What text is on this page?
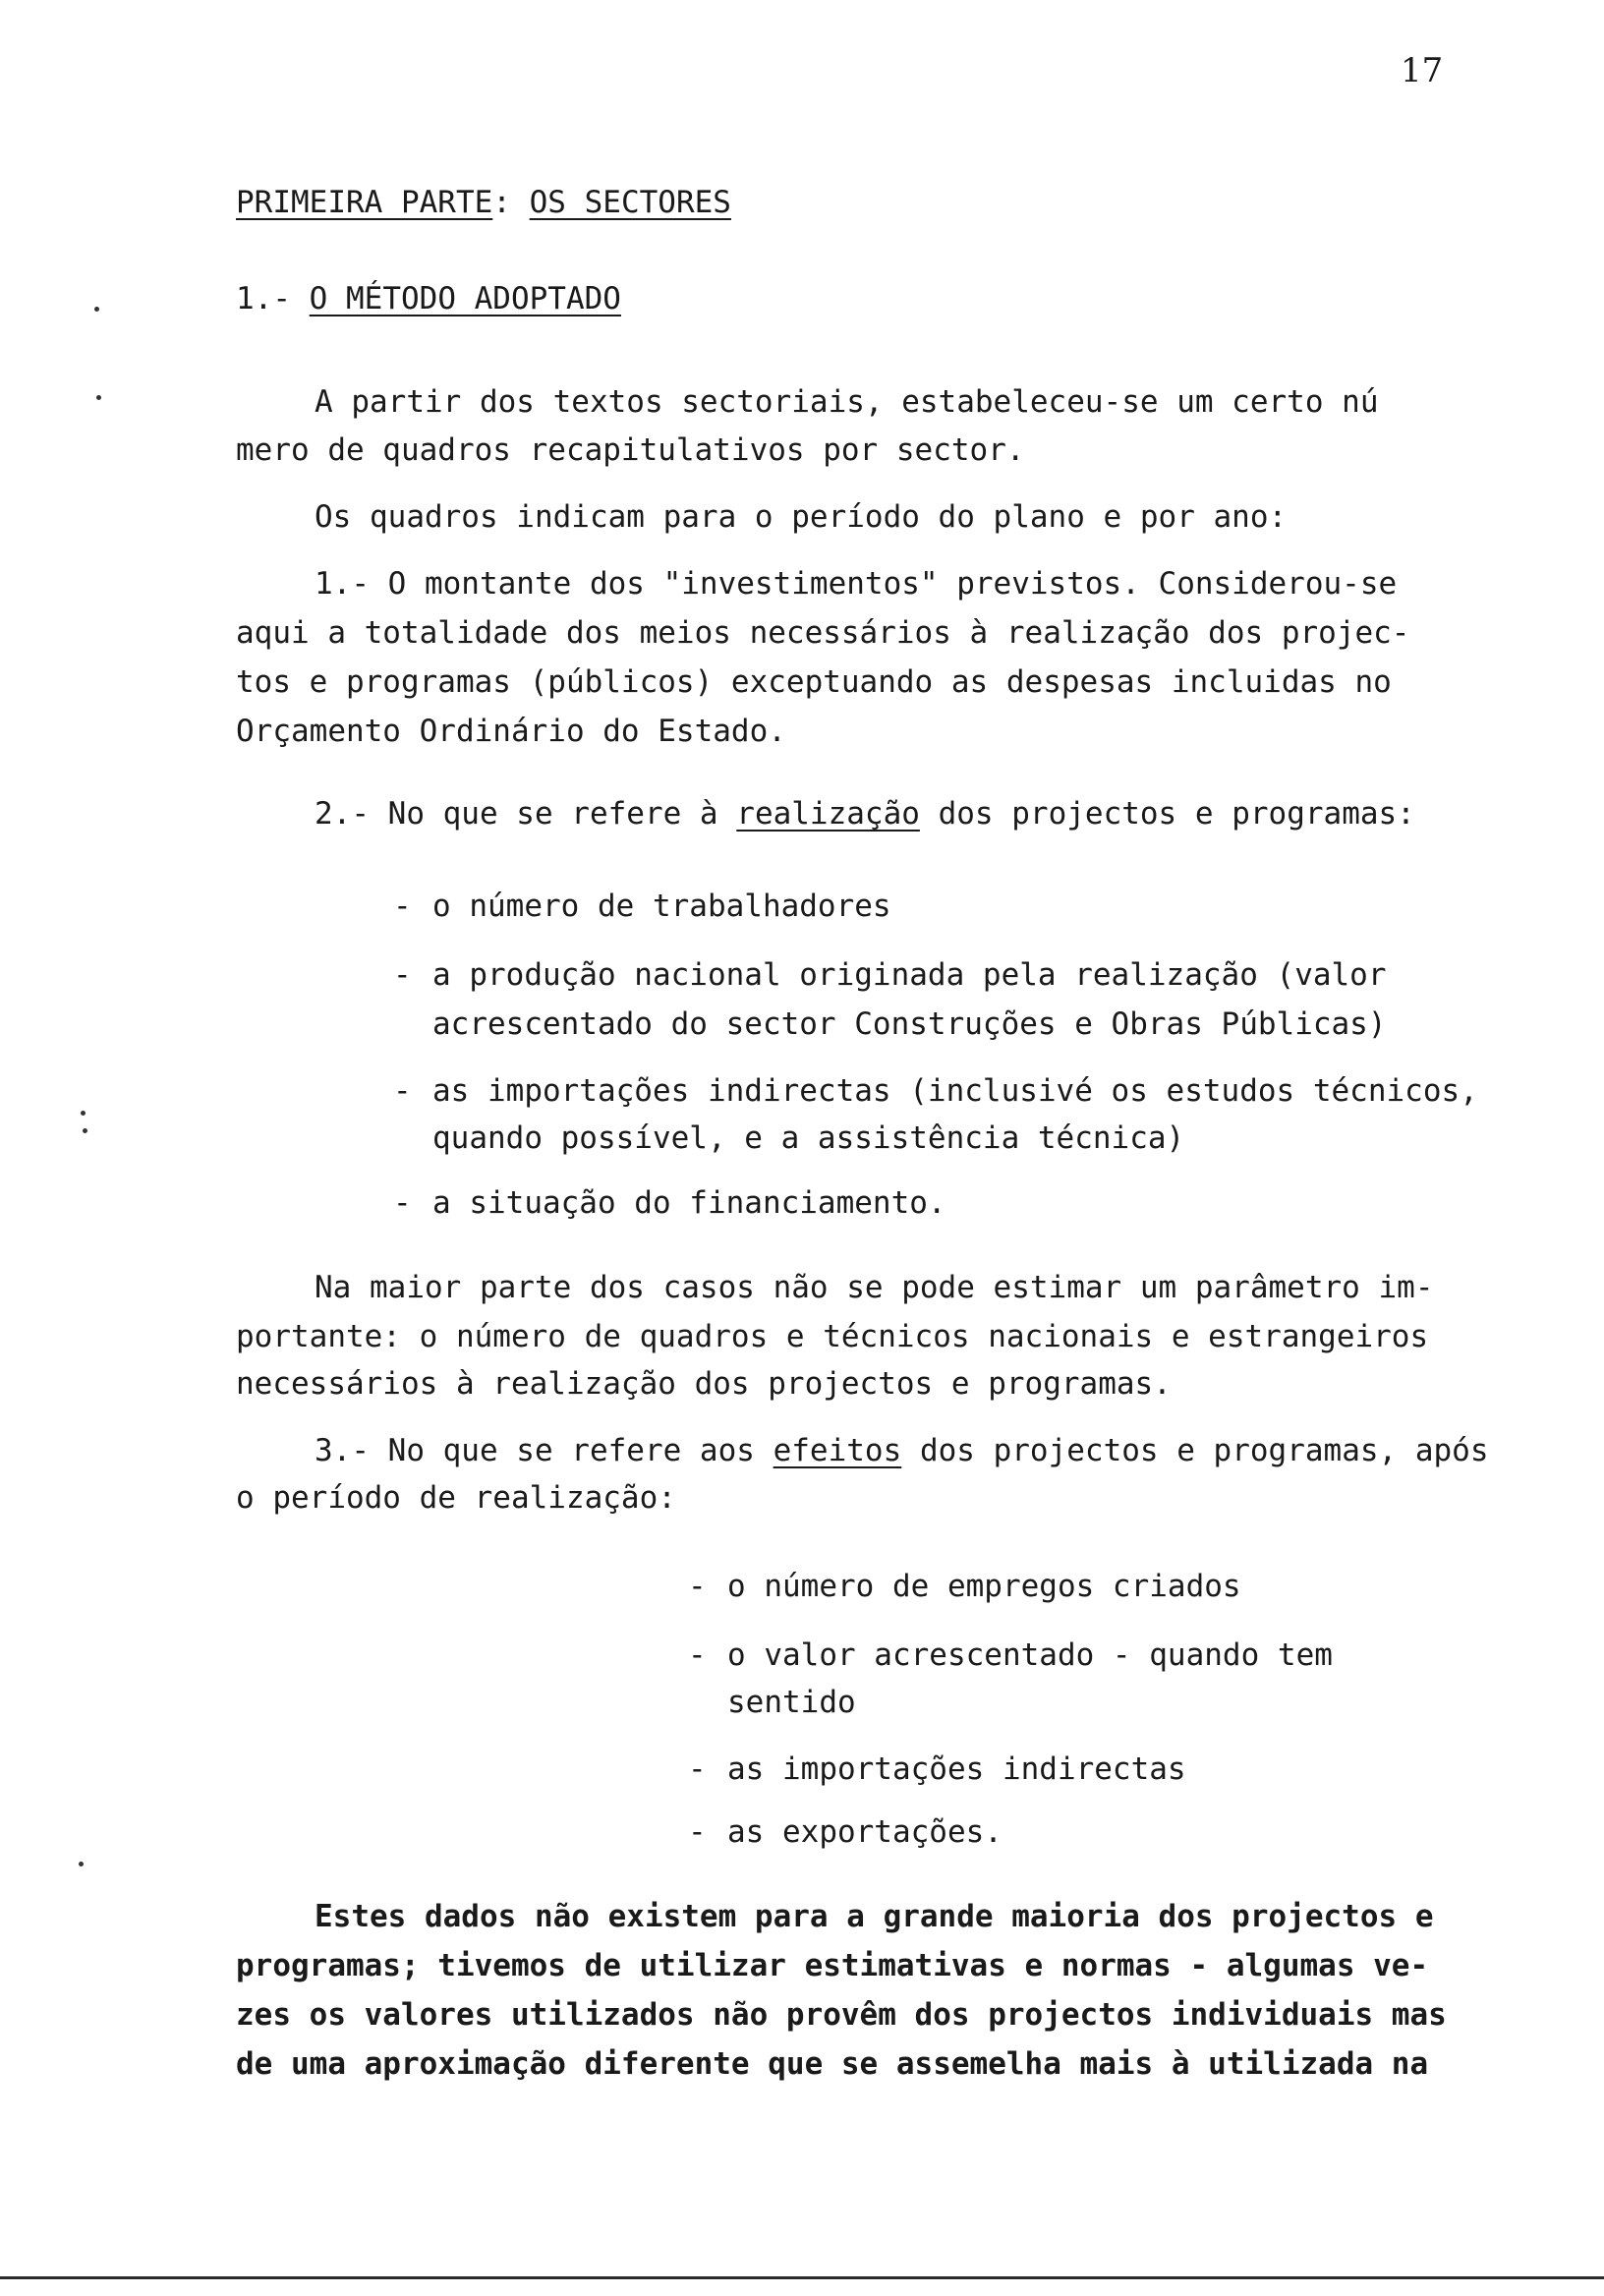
17
PRIMEIRA PARTE: OS SECTORES
1.- O MÉTODO ADOPTADO
A partir dos textos sectoriais, estabeleceu-se um certo nú
mero de quadros recapitulativos por sector.
Os quadros indicam para o período do plano e por ano:
1.- O montante dos "investimentos" previstos. Considerou-se
aqui a totalidade dos meios necessários à realização dos projec-
tos e programas (públicos) exceptuando as despesas incluidas no
Orçamento Ordinário do Estado.
2.- No que se refere à realização dos projectos e programas:
- o número de trabalhadores
- a produção nacional originada pela realização (valor
acrescentado do sector Construções e Obras Públicas)
- as importações indirectas (inclusivé os estudos técnicos,
quando possível, e a assistência técnica)
- a situação do financiamento.
Na maior parte dos casos não se pode estimar um parâmetro im-
portante: o número de quadros e técnicos nacionais e estrangeiros
necessários à realização dos projectos e programas.
3.- No que se refere aos efeitos dos projectos e programas, após
o período de realização:
- o número de empregos criados
- o valor acrescentado - quando tem
sentido
- as importações indirectas
- as exportações.
Estes dados não existem para a grande maioria dos projectos e
programas; tivemos de utilizar estimativas e normas - algumas ve-
zes os valores utilizados não provêm dos projectos individuais mas
de uma aproximação diferente que se assemelha mais à utilizada na
